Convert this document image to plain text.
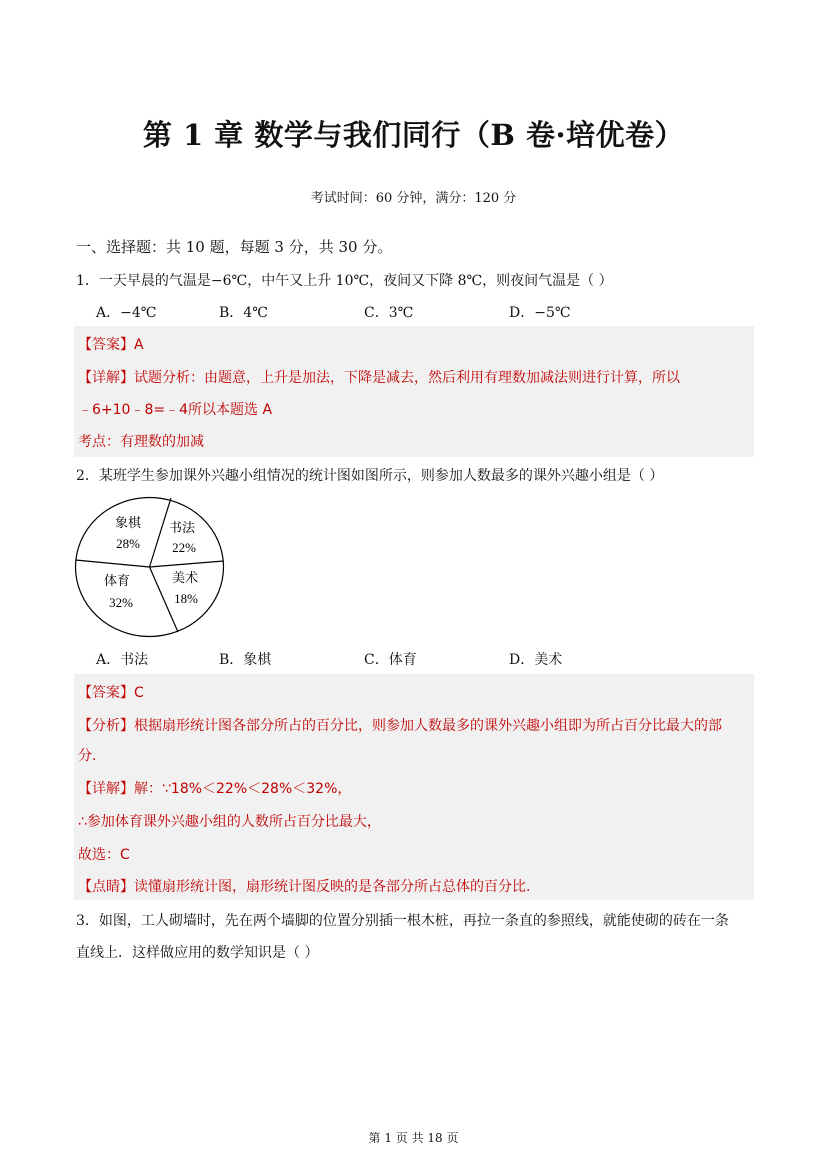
第 1 章 数学与我们同行（B 卷·培优卷）
考试时间：60 分钟，满分：120 分
一、选择题：共 10 题，每题 3 分，共 30 分。
1．一天早晨的气温是−6℃，中午又上升 10℃，夜间又下降 8℃，则夜间气温是（ ）
A．−4℃	B．4℃	C．3℃	D．−5℃
【答案】A
【详解】试题分析：由题意，上升是加法，下降是减去，然后利用有理数加减法则进行计算，所以
﹣6+10﹣8=﹣4所以本题选 A
考点：有理数的加减
2．某班学生参加课外兴趣小组情况的统计图如图所示，则参加人数最多的课外兴趣小组是（ ）
象棋
28%
书法
22%
美术
18%
体育
32%
A．书法	B．象棋	C．体育	D．美术
【答案】C
【分析】根据扇形统计图各部分所占的百分比，则参加人数最多的课外兴趣小组即为所占百分比最大的部
分.
【详解】解：∵18%＜22%＜28%＜32%，
∴参加体育课外兴趣小组的人数所占百分比最大，
故选：C
【点睛】读懂扇形统计图，扇形统计图反映的是各部分所占总体的百分比.
3．如图，工人砌墙时，先在两个墙脚的位置分别插一根木桩，再拉一条直的参照线，就能使砌的砖在一条
直线上．这样做应用的数学知识是（ ）
第 1 页 共 18 页
